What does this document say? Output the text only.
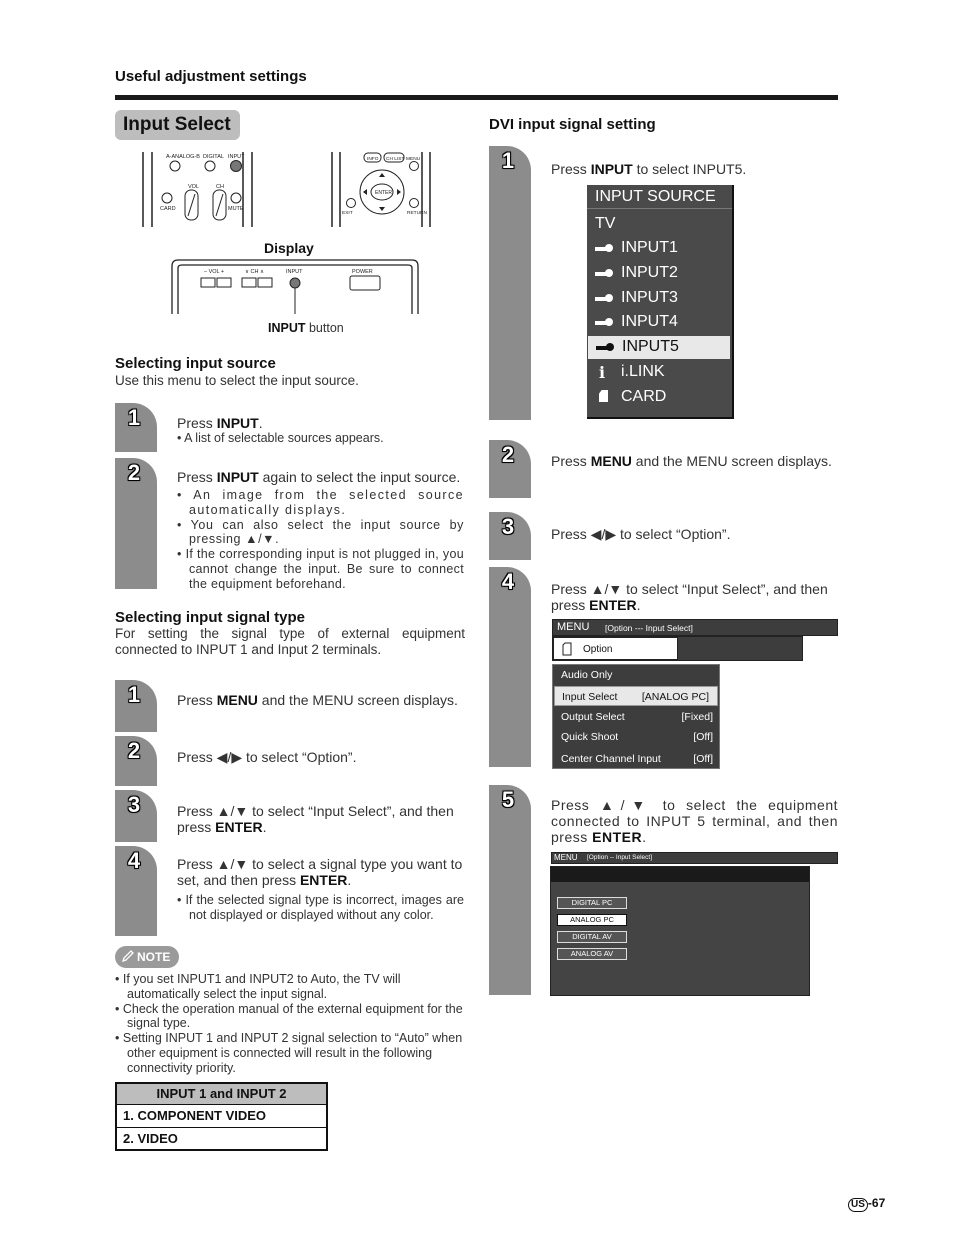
Useful adjustment settings
Input Select
A-ANALOG-B DIGITAL INPUT
VOL	CH
CARD	MUTE
INFO CH LIST MENU
EXIT	RETURN
ENTER
Display
– VOL +	∨ CH ∧	INPUT	POWER
INPUT button
Selecting input source
Use this menu to select the input source.
1	Press INPUT.
• A list of selectable sources appears.
2	Press INPUT again to select the input source.
• An image from the selected source automatically displays.
• You can also select the input source by pressing ▲/▼.
• If the corresponding input is not plugged in, you cannot change the input. Be sure to connect the equipment beforehand.
Selecting input signal type
For setting the signal type of external equipment connected to INPUT 1 and Input 2 terminals.
1	Press MENU and the MENU screen displays.
2	Press ◀/▶ to select “Option”.
3	Press ▲/▼ to select “Input Select”, and then press ENTER.
4	Press ▲/▼ to select a signal type you want to set, and then press ENTER.
• If the selected signal type is incorrect, images are not displayed or displayed without any color.
NOTE
• If you set INPUT1 and INPUT2 to Auto, the TV will automatically select the input signal.
• Check the operation manual of the external equipment for the signal type.
• Setting INPUT 1 and INPUT 2 signal selection to “Auto” when other equipment is connected will result in the following connectivity priority.
INPUT 1 and INPUT 2
1. COMPONENT VIDEO
2. VIDEO
DVI input signal setting
1	Press INPUT to select INPUT5.
INPUT SOURCE
TV
INPUT1
INPUT2
INPUT3
INPUT4
INPUT5
i i.LINK
CARD
2	Press MENU and the MENU screen displays.
3	Press ◀/▶ to select “Option”.
4	Press ▲/▼ to select “Input Select”, and then press ENTER.
MENU [Option --- Input Select]
Option
Audio Only
Input Select [ANALOG PC]
Output Select	[Fixed]
Quick Shoot	[Off]
Center Channel Input	[Off]
5	Press ▲/▼ to select the equipment connected to INPUT 5 terminal, and then press ENTER.
MENU [Option -- Input Select]
DIGITAL PC
ANALOG PC
DIGITAL AV
ANALOG AV
US -67
